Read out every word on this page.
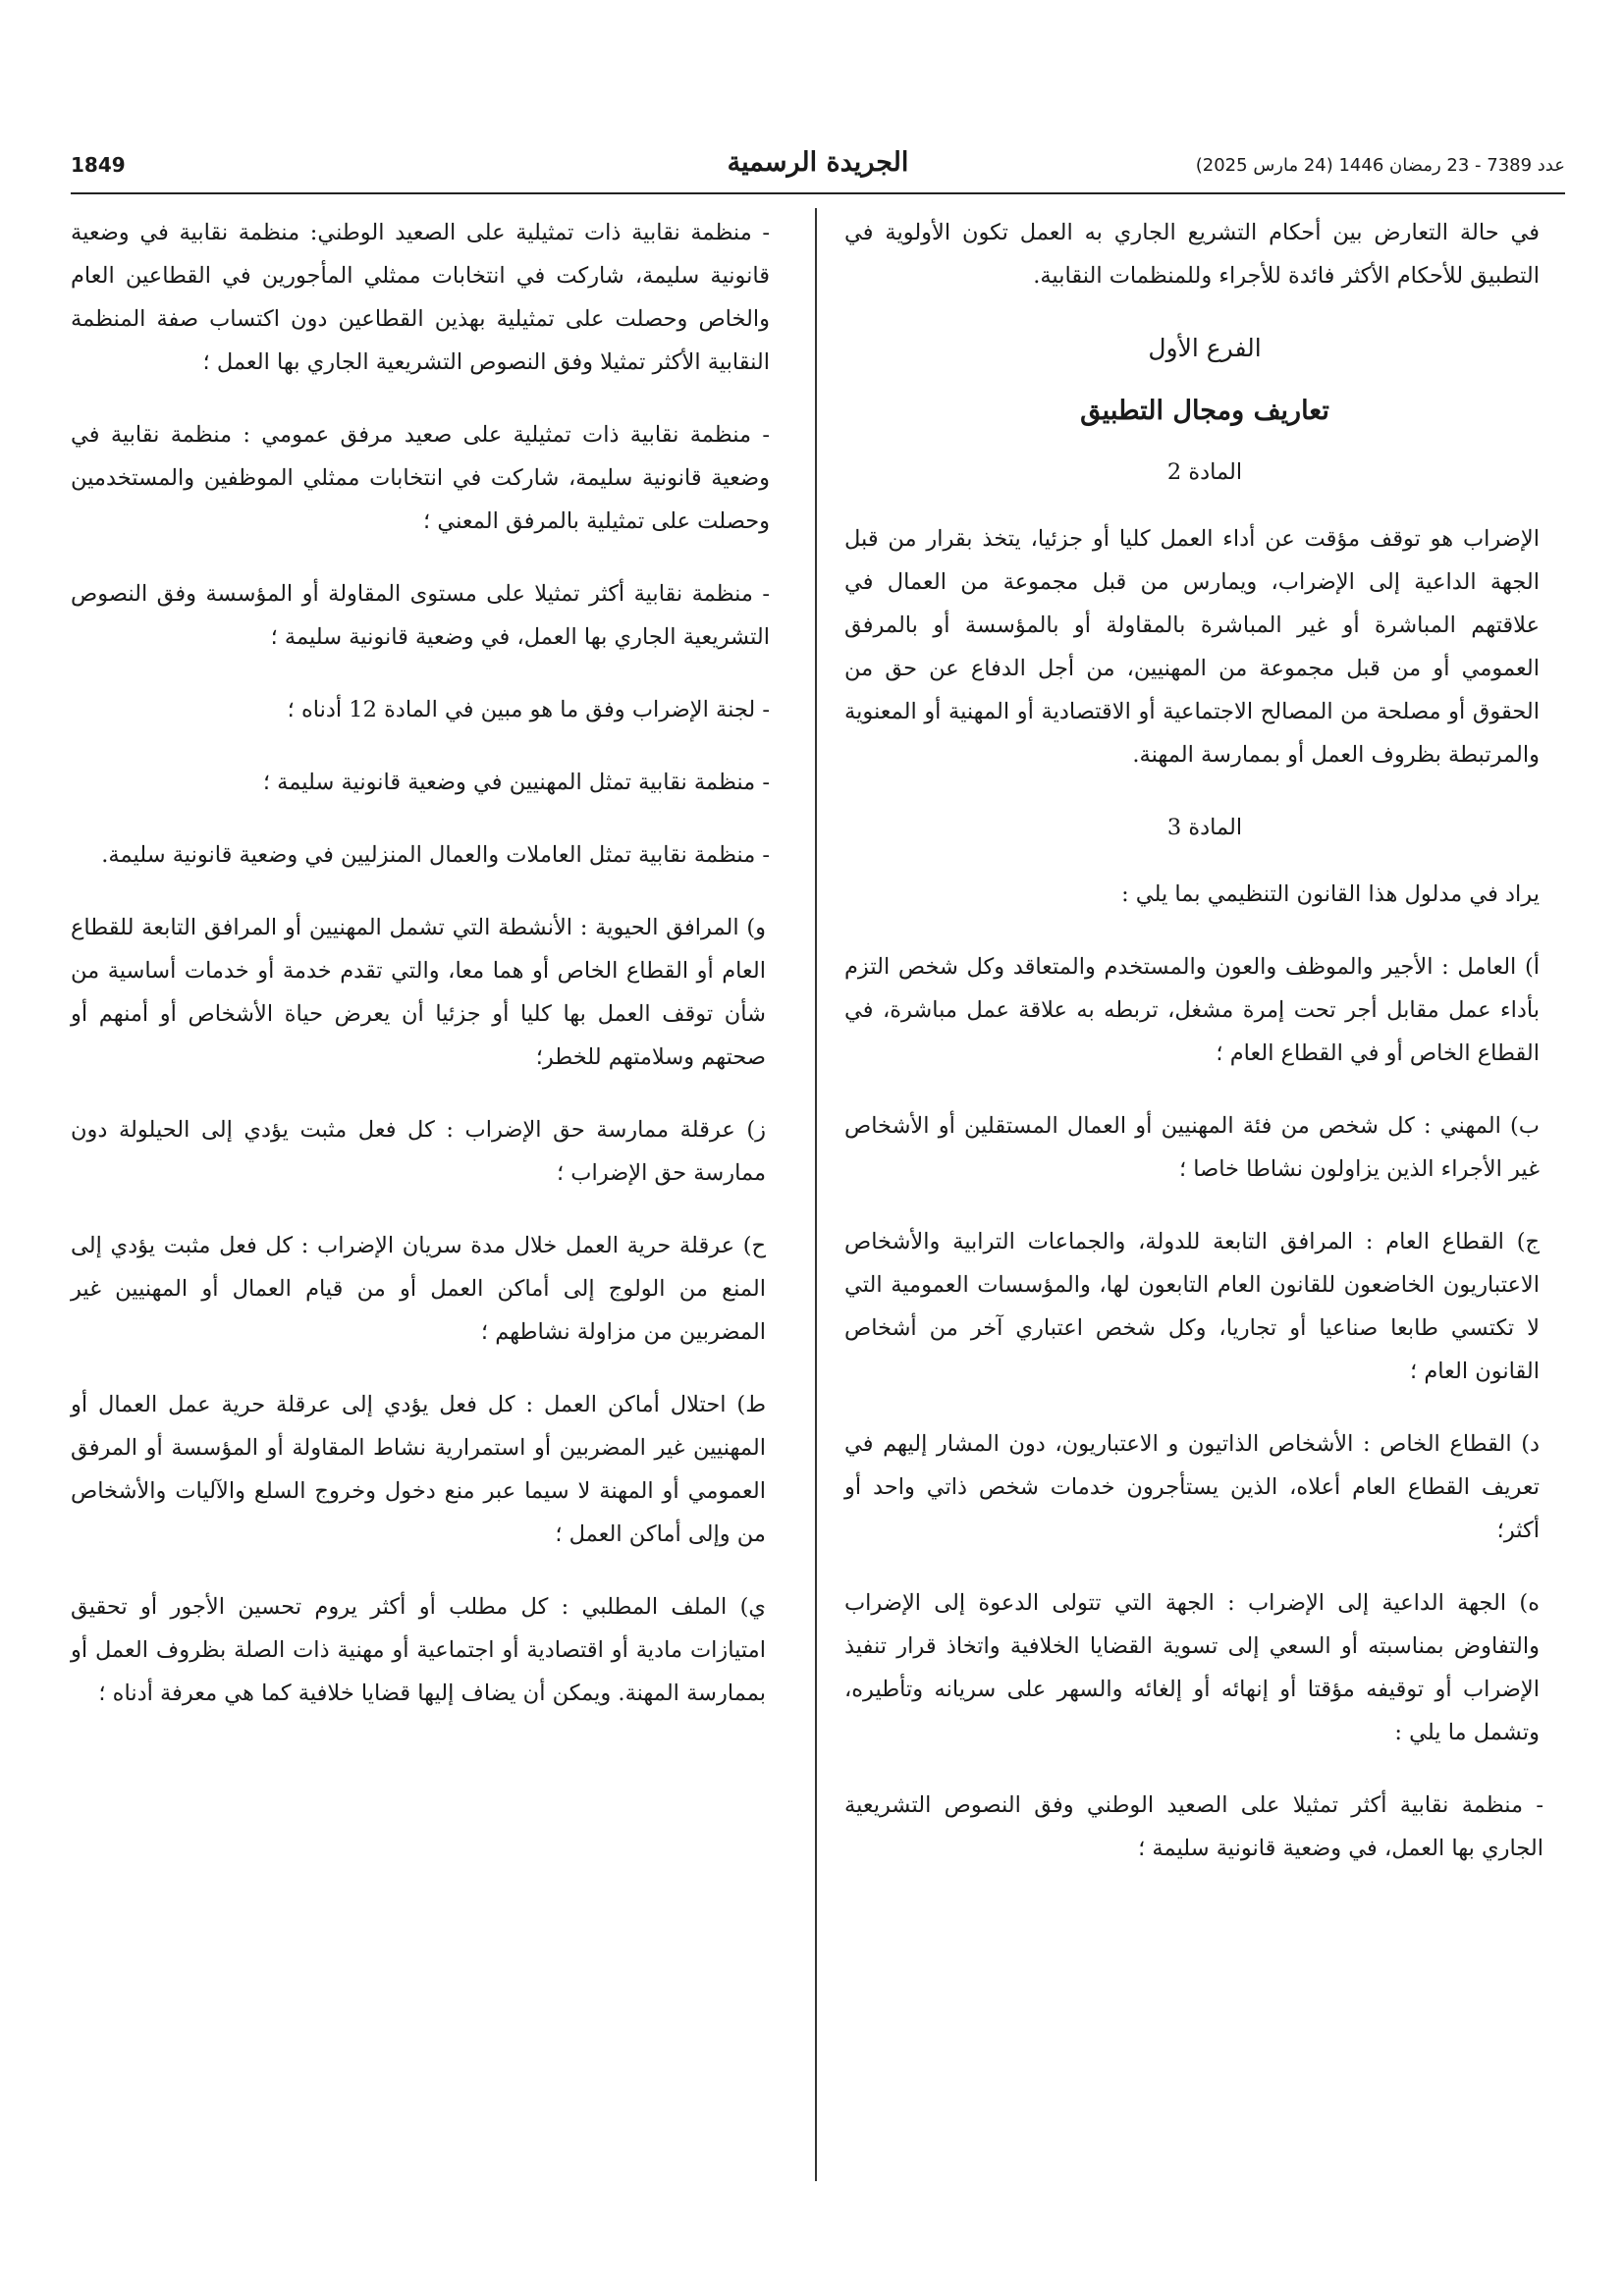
1849	الجريدة الرسمية	عدد 7389 - 23 رمضان 1446 (24 مارس 2025)

في حالة التعارض بين أحكام التشريع الجاري به العمل تكون الأولوية في التطبيق للأحكام الأكثر فائدة للأجراء وللمنظمات النقابية.

الفرع الأول
تعاريف ومجال التطبيق
المادة 2

الإضراب هو توقف مؤقت عن أداء العمل كليا أو جزئيا، يتخذ بقرار من قبل الجهة الداعية إلى الإضراب، ويمارس من قبل مجموعة من العمال في علاقتهم المباشرة أو غير المباشرة بالمقاولة أو بالمؤسسة أو بالمرفق العمومي أو من قبل مجموعة من المهنيين، من أجل الدفاع عن حق من الحقوق أو مصلحة من المصالح الاجتماعية أو الاقتصادية أو المهنية أو المعنوية والمرتبطة بظروف العمل أو بممارسة المهنة.

المادة 3

يراد في مدلول هذا القانون التنظيمي بما يلي :

أ) العامل : الأجير والموظف والعون والمستخدم والمتعاقد وكل شخص التزم بأداء عمل مقابل أجر تحت إمرة مشغل، تربطه به علاقة عمل مباشرة، في القطاع الخاص أو في القطاع العام ؛

ب) المهني : كل شخص من فئة المهنيين أو العمال المستقلين أو الأشخاص غير الأجراء الذين يزاولون نشاطا خاصا ؛

ج) القطاع العام : المرافق التابعة للدولة، والجماعات الترابية والأشخاص الاعتباريون الخاضعون للقانون العام التابعون لها، والمؤسسات العمومية التي لا تكتسي طابعا صناعيا أو تجاريا، وكل شخص اعتباري آخر من أشخاص القانون العام ؛

د) القطاع الخاص : الأشخاص الذاتيون و الاعتباريون، دون المشار إليهم في تعريف القطاع العام أعلاه، الذين يستأجرون خدمات شخص ذاتي واحد أو أكثر؛

ه) الجهة الداعية إلى الإضراب : الجهة التي تتولى الدعوة إلى الإضراب والتفاوض بمناسبته أو السعي إلى تسوية القضايا الخلافية واتخاذ قرار تنفيذ الإضراب أو توقيفه مؤقتا أو إنهائه أو إلغائه والسهر على سريانه وتأطيره، وتشمل ما يلي :

- منظمة نقابية أكثر تمثيلا على الصعيد الوطني وفق النصوص التشريعية الجاري بها العمل، في وضعية قانونية سليمة ؛

- منظمة نقابية ذات تمثيلية على الصعيد الوطني: منظمة نقابية في وضعية قانونية سليمة، شاركت في انتخابات ممثلي المأجورين في القطاعين العام والخاص وحصلت على تمثيلية بهذين القطاعين دون اكتساب صفة المنظمة النقابية الأكثر تمثيلا وفق النصوص التشريعية الجاري بها العمل ؛

- منظمة نقابية ذات تمثيلية على صعيد مرفق عمومي : منظمة نقابية في وضعية قانونية سليمة، شاركت في انتخابات ممثلي الموظفين والمستخدمين وحصلت على تمثيلية بالمرفق المعني ؛

- منظمة نقابية أكثر تمثيلا على مستوى المقاولة أو المؤسسة وفق النصوص التشريعية الجاري بها العمل، في وضعية قانونية سليمة ؛

- لجنة الإضراب وفق ما هو مبين في المادة 12 أدناه ؛

- منظمة نقابية تمثل المهنيين في وضعية قانونية سليمة ؛

- منظمة نقابية تمثل العاملات والعمال المنزليين في وضعية قانونية سليمة.

و) المرافق الحيوية : الأنشطة التي تشمل المهنيين أو المرافق التابعة للقطاع العام أو القطاع الخاص أو هما معا، والتي تقدم خدمة أو خدمات أساسية من شأن توقف العمل بها كليا أو جزئيا أن يعرض حياة الأشخاص أو أمنهم أو صحتهم وسلامتهم للخطر؛

ز) عرقلة ممارسة حق الإضراب : كل فعل مثبت يؤدي إلى الحيلولة دون ممارسة حق الإضراب ؛

ح) عرقلة حرية العمل خلال مدة سريان الإضراب : كل فعل مثبت يؤدي إلى المنع من الولوج إلى أماكن العمل أو من قيام العمال أو المهنيين غير المضربين من مزاولة نشاطهم ؛

ط) احتلال أماكن العمل : كل فعل يؤدي إلى عرقلة حرية عمل العمال أو المهنيين غير المضربين أو استمرارية نشاط المقاولة أو المؤسسة أو المرفق العمومي أو المهنة لا سيما عبر منع دخول وخروج السلع والآليات والأشخاص من وإلى أماكن العمل ؛

ي) الملف المطلبي : كل مطلب أو أكثر يروم تحسين الأجور أو تحقيق امتيازات مادية أو اقتصادية أو اجتماعية أو مهنية ذات الصلة بظروف العمل أو بممارسة المهنة. ويمكن أن يضاف إليها قضايا خلافية كما هي معرفة أدناه ؛
